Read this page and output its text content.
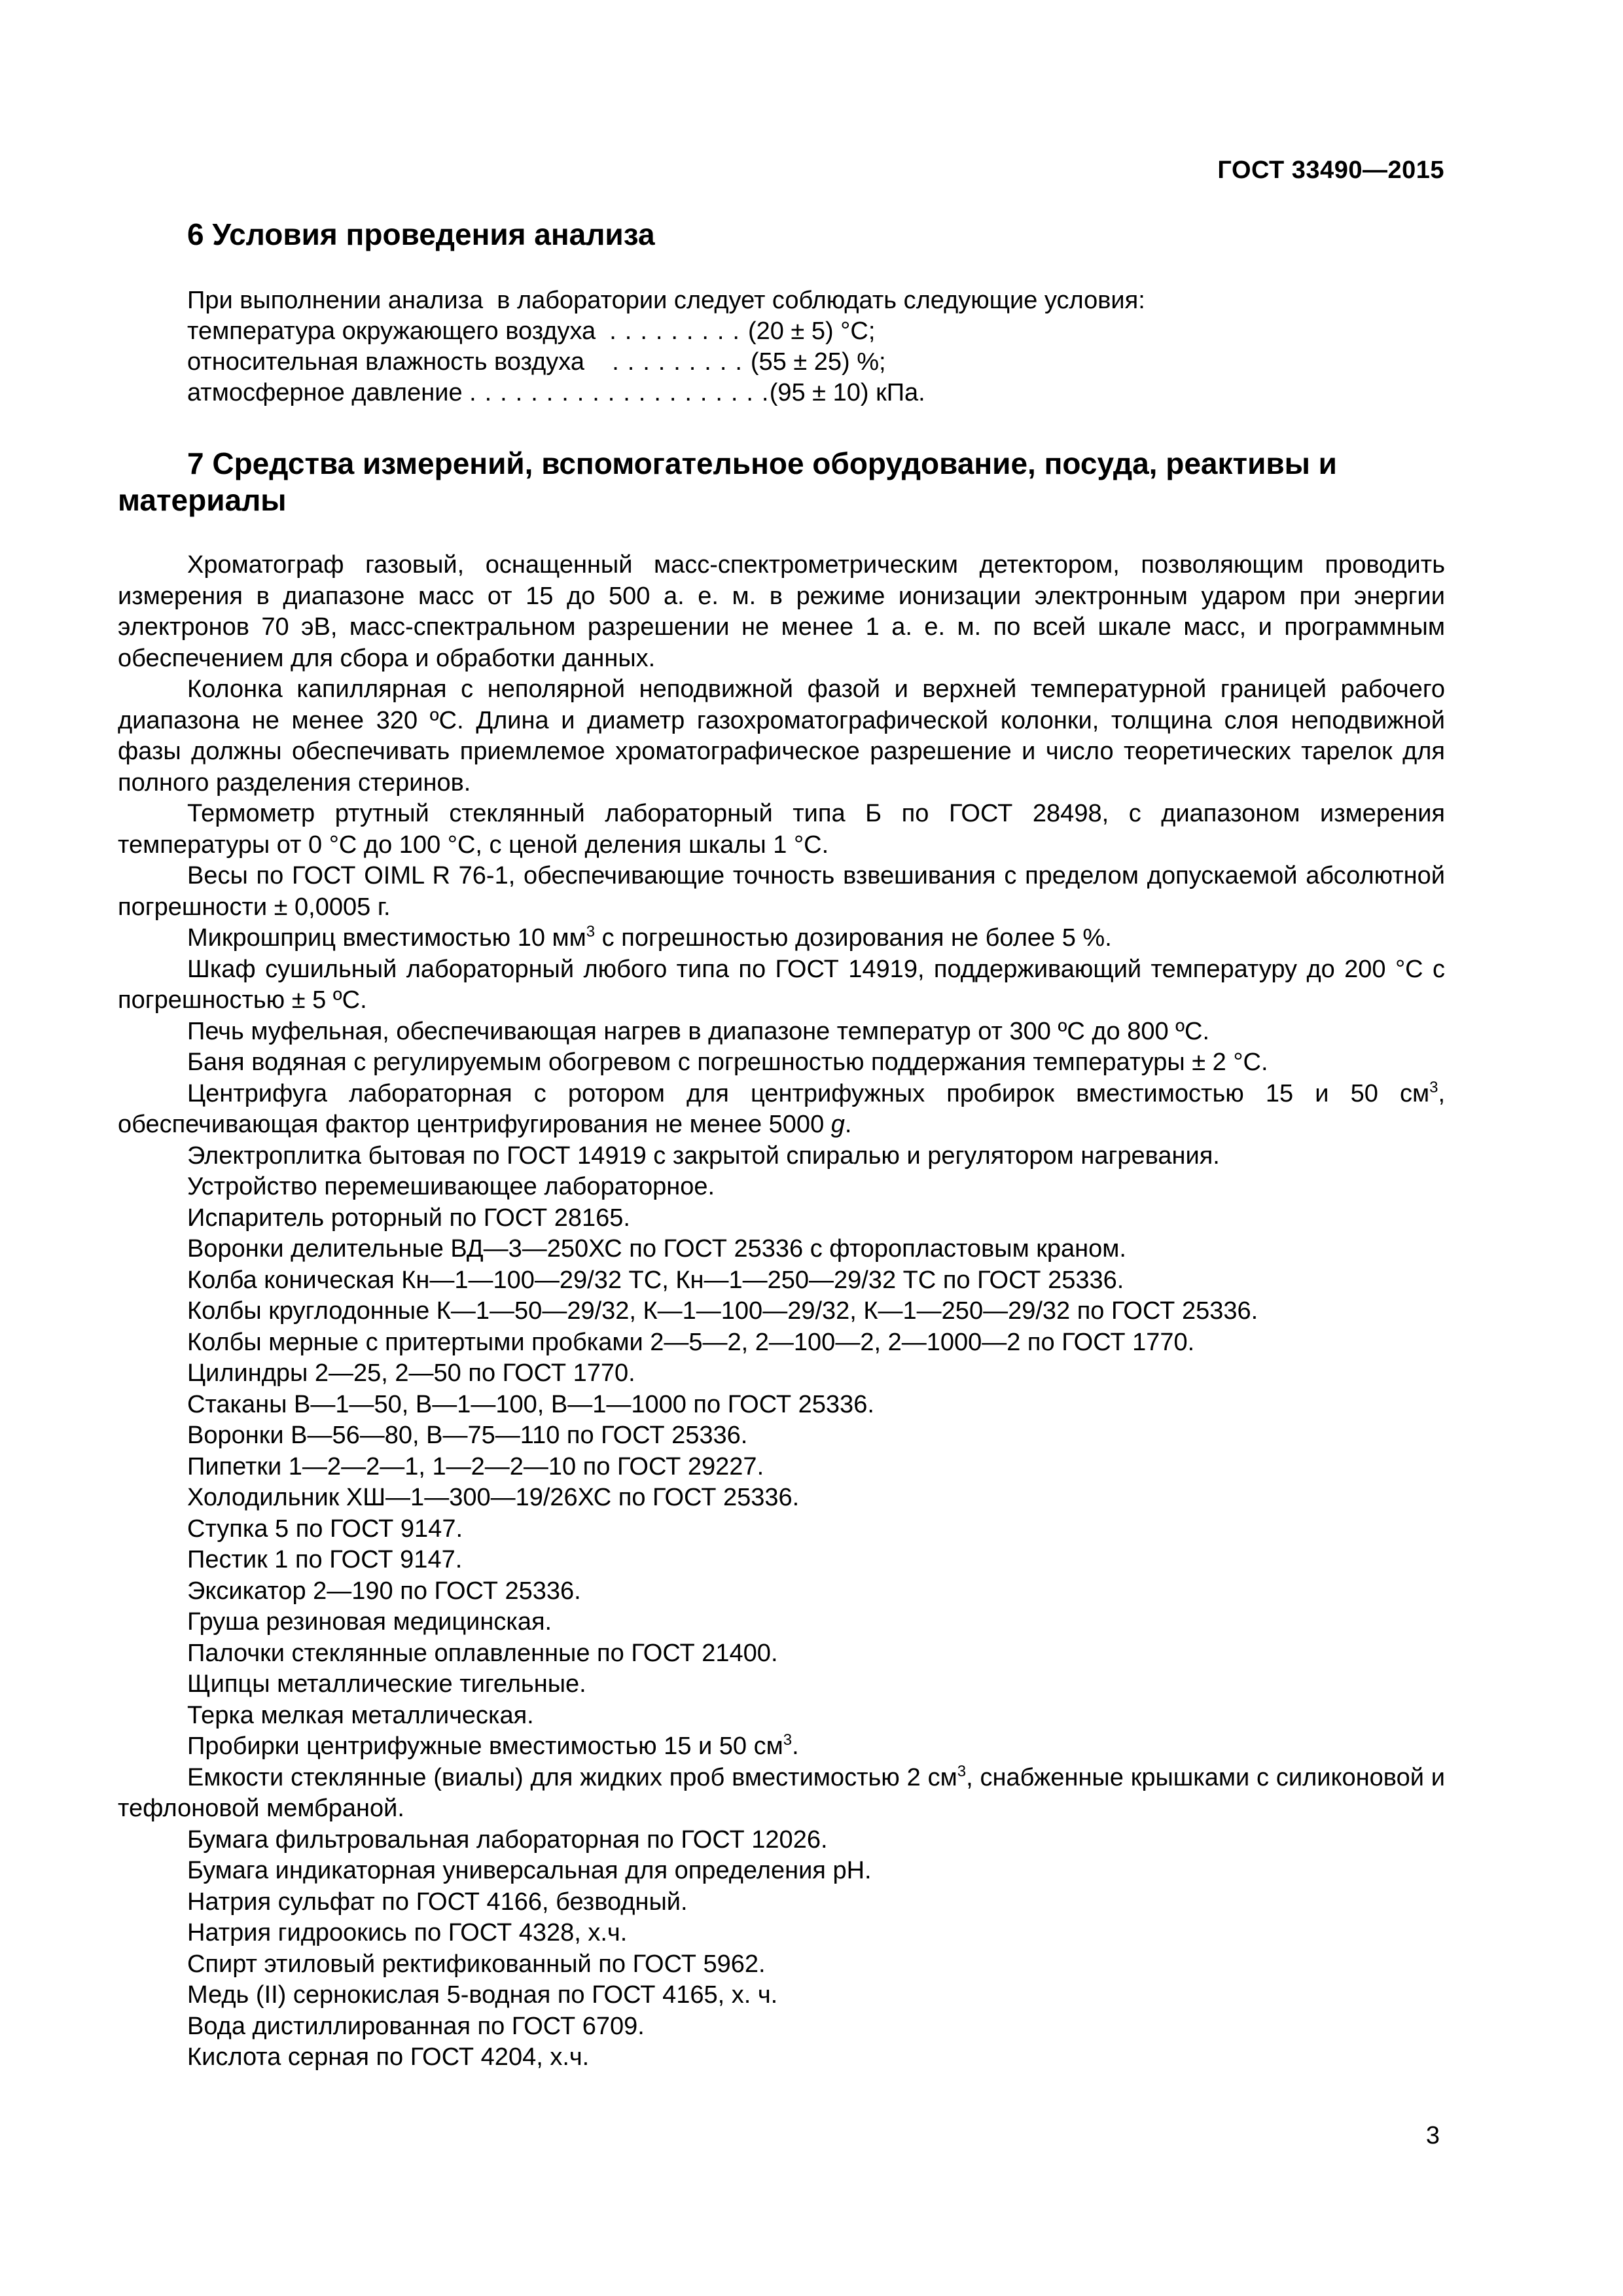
ГОСТ 33490—2015
6 Условия проведения анализа
При выполнении анализа  в лаборатории следует соблюдать следующие условия:
температура окружающего воздуха  . . . . . . . . . (20 ± 5) °С;
относительная влажность воздуха    . . . . . . . . . (55 ± 25) %;
атмосферное давление . . . . . . . . . . . . . . . . . . . .(95 ± 10) кПа.
7 Средства измерений, вспомогательное оборудование, посуда, реактивы и материалы

Хроматограф газовый, оснащенный масс-спектрометрическим детектором, позволяющим проводить измерения в диапазоне масс от 15 до 500 а. е. м. в режиме ионизации электронным ударом при энергии электронов 70 эВ, масс-спектральном разрешении не менее 1 а. е. м. по всей шкале масс, и программным обеспечением для сбора и обработки данных.

Колонка капиллярная с неполярной неподвижной фазой и верхней температурной границей рабочего диапазона не менее 320 ºС. Длина и диаметр газохроматографической колонки, толщина слоя неподвижной фазы должны обеспечивать приемлемое хроматографическое разрешение и число теоретических тарелок для полного разделения стеринов.

Термометр ртутный стеклянный лабораторный типа Б по ГОСТ 28498, с диапазоном измерения температуры от 0 °С до 100 °С, с ценой деления шкалы 1 °С.

Весы по ГОСТ OIML R 76-1, обеспечивающие точность взвешивания с пределом допускаемой абсолютной погрешности ± 0,0005 г.

Микрошприц вместимостью 10 $мм^3$ с погрешностью дозирования не более 5 %.

Шкаф сушильный лабораторный любого типа по ГОСТ 14919, поддерживающий температуру до 200 °С с погрешностью ± 5 ºС.

Печь муфельная, обеспечивающая нагрев в диапазоне температур от 300 ºС до 800 ºС.

Баня водяная с регулируемым обогревом с погрешностью поддержания температуры ± 2 °С.

Центрифуга лабораторная с ротором для центрифужных пробирок вместимостью 15 и 50 $см^3$, обеспечивающая фактор центрифугирования не менее 5000 g.

Электроплитка бытовая по ГОСТ 14919 с закрытой спиралью и регулятором нагревания.

Устройство перемешивающее лабораторное.

Испаритель роторный по ГОСТ 28165.

Воронки делительные ВД—3—250ХС по ГОСТ 25336 с фторопластовым краном.

Колба коническая Кн—1—100—29/32 ТС, Кн—1—250—29/32 ТС по ГОСТ 25336.

Колбы круглодонные К—1—50—29/32, К—1—100—29/32, К—1—250—29/32 по ГОСТ 25336.

Колбы мерные с притертыми пробками 2—5—2, 2—100—2, 2—1000—2 по ГОСТ 1770.

Цилиндры 2—25, 2—50 по ГОСТ 1770.

Стаканы В—1—50, В—1—100, В—1—1000 по ГОСТ 25336.

Воронки В—56—80, В—75—110 по ГОСТ 25336.

Пипетки 1—2—2—1, 1—2—2—10 по ГОСТ 29227.

Холодильник ХШ—1—300—19/26ХС по ГОСТ 25336.

Ступка 5 по ГОСТ 9147.

Пестик 1 по ГОСТ 9147.

Эксикатор 2—190 по ГОСТ 25336.

Груша резиновая медицинская.

Палочки стеклянные оплавленные по ГОСТ 21400.

Щипцы металлические тигельные.

Терка мелкая металлическая.

Пробирки центрифужные вместимостью 15 и 50 $см^3$.

Емкости стеклянные (виалы) для жидких проб вместимостью 2 $см^3$, снабженные крышками с силиконовой и тефлоновой мембраной.

Бумага фильтровальная лабораторная по ГОСТ 12026.

Бумага индикаторная универсальная для определения рН.

Натрия сульфат по ГОСТ 4166, безводный.

Натрия гидроокись по ГОСТ 4328, х.ч.

Спирт этиловый ректификованный по ГОСТ 5962.

Медь (II) сернокислая 5-водная по ГОСТ 4165, х. ч.

Вода дистиллированная по ГОСТ 6709.

Кислота серная по ГОСТ 4204, х.ч.

3
